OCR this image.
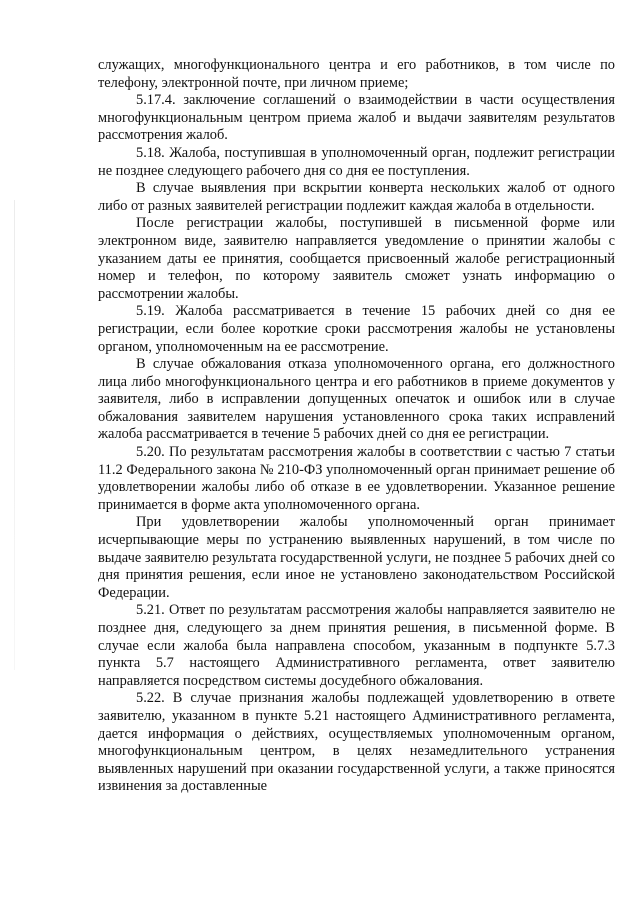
служащих, многофункционального центра и его работников, в том числе по телефону, электронной почте, при личном приеме;

5.17.4. заключение соглашений о взаимодействии в части осуществления многофункциональным центром приема жалоб и выдачи заявителям результатов рассмотрения жалоб.

5.18. Жалоба, поступившая в уполномоченный орган, подлежит регистрации не позднее следующего рабочего дня со дня ее поступления.

В случае выявления при вскрытии конверта нескольких жалоб от одного либо от разных заявителей регистрации подлежит каждая жалоба в отдельности.

После регистрации жалобы, поступившей в письменной форме или электронном виде, заявителю направляется уведомление о принятии жалобы с указанием даты ее принятия, сообщается присвоенный жалобе регистрационный номер и телефон, по которому заявитель сможет узнать информацию о рассмотрении жалобы.

5.19. Жалоба рассматривается в течение 15 рабочих дней со дня ее регистрации, если более короткие сроки рассмотрения жалобы не установлены органом, уполномоченным на ее рассмотрение.

В случае обжалования отказа уполномоченного органа, его должностного лица либо многофункционального центра и его работников в приеме документов у заявителя, либо в исправлении допущенных опечаток и ошибок или в случае обжалования заявителем нарушения установленного срока таких исправлений жалоба рассматривается в течение 5 рабочих дней со дня ее регистрации.

5.20. По результатам рассмотрения жалобы в соответствии с частью 7 статьи 11.2 Федерального закона № 210-ФЗ уполномоченный орган принимает решение об удовлетворении жалобы либо об отказе в ее удовлетворении. Указанное решение принимается в форме акта уполномоченного органа.

При удовлетворении жалобы уполномоченный орган принимает исчерпывающие меры по устранению выявленных нарушений, в том числе по выдаче заявителю результата государственной услуги, не позднее 5 рабочих дней со дня принятия решения, если иное не установлено законодательством Российской Федерации.

5.21. Ответ по результатам рассмотрения жалобы направляется заявителю не позднее дня, следующего за днем принятия решения, в письменной форме. В случае если жалоба была направлена способом, указанным в подпункте 5.7.3 пункта 5.7 настоящего Административного регламента, ответ заявителю направляется посредством системы досудебного обжалования.

5.22. В случае признания жалобы подлежащей удовлетворению в ответе заявителю, указанном в пункте 5.21 настоящего Административного регламента, дается информация о действиях, осуществляемых уполномоченным органом, многофункциональным центром, в целях незамедлительного устранения выявленных нарушений при оказании государственной услуги, а также приносятся извинения за доставленные
